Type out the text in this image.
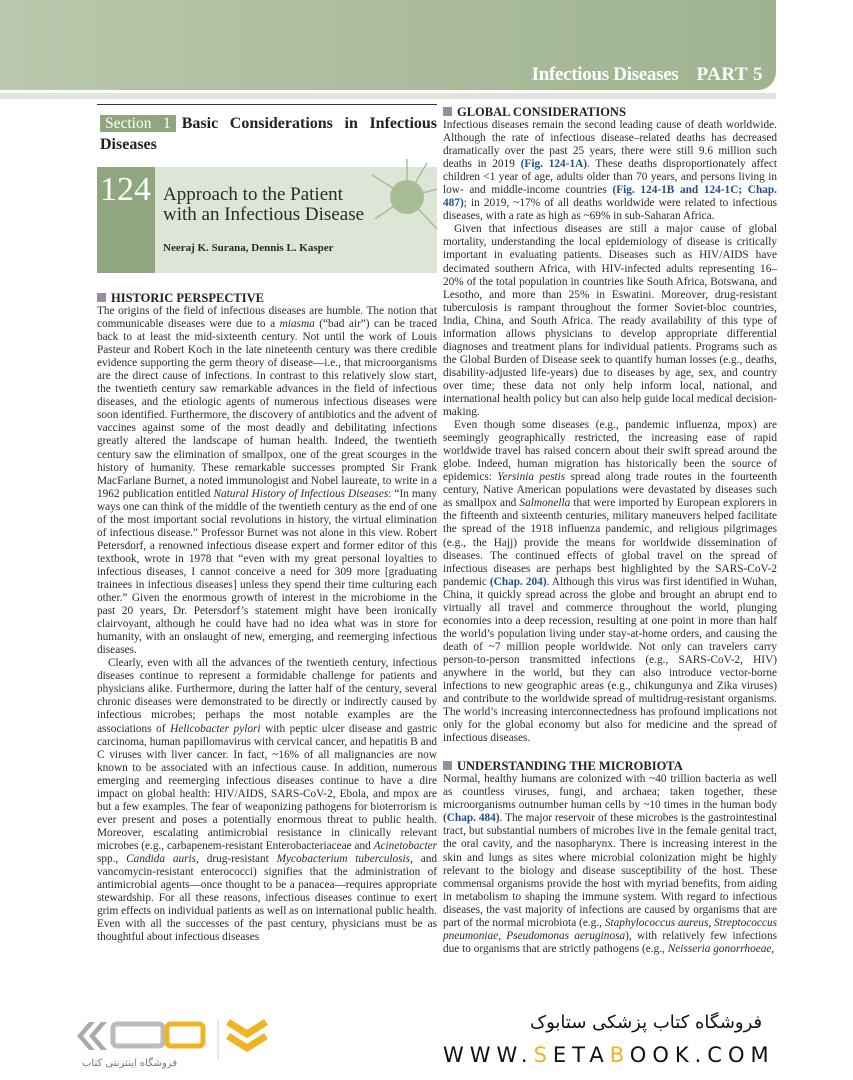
Infectious Diseases PART 5
Section 1 Basic Considerations in Infectious Diseases
124 Approach to the Patient
with an Infectious Disease
Neeraj K. Surana, Dennis L. Kasper
HISTORIC PERSPECTIVE

The origins of the field of infectious diseases are humble. The notion that communicable diseases were due to a miasma (“bad air”) can be traced back to at least the mid-sixteenth century. Not until the work of Louis Pasteur and Robert Koch in the late nineteenth century was there credible evidence supporting the germ theory of disease—i.e., that microorganisms are the direct cause of infections. In contrast to this relatively slow start, the twentieth century saw remarkable advances in the field of infectious diseases, and the etiologic agents of numerous infectious diseases were soon identified. Furthermore, the discovery of antibiotics and the advent of vaccines against some of the most deadly and debilitating infections greatly altered the landscape of human health. Indeed, the twentieth century saw the elimination of smallpox, one of the great scourges in the history of humanity. These remarkable successes prompted Sir Frank MacFarlane Burnet, a noted immunologist and Nobel laureate, to write in a 1962 publication entitled Natural History of Infectious Diseases: “In many ways one can think of the middle of the twentieth century as the end of one of the most important social revolutions in history, the virtual elimination of infectious disease.” Professor Burnet was not alone in this view. Robert Petersdorf, a renowned infectious disease expert and former editor of this textbook, wrote in 1978 that “even with my great personal loyalties to infectious diseases, I cannot conceive a need for 309 more [graduating trainees in infectious diseases] unless they spend their time culturing each other.” Given the enormous growth of interest in the microbiome in the past 20 years, Dr. Petersdorf’s statement might have been ironically clairvoyant, although he could have had no idea what was in store for humanity, with an onslaught of new, emerging, and reemerging infectious diseases.

Clearly, even with all the advances of the twentieth century, infectious diseases continue to represent a formidable challenge for patients and physicians alike. Furthermore, during the latter half of the century, several chronic diseases were demonstrated to be directly or indirectly caused by infectious microbes; perhaps the most notable examples are the associations of Helicobacter pylori with peptic ulcer disease and gastric carcinoma, human papillomavirus with cervical cancer, and hepatitis B and C viruses with liver cancer. In fact, ~16% of all malignancies are now known to be associated with an infectious cause. In addition, numerous emerging and reemerging infectious diseases continue to have a dire impact on global health: HIV/AIDS, SARS-CoV-2, Ebola, and mpox are but a few examples. The fear of weaponizing pathogens for bioterrorism is ever present and poses a potentially enormous threat to public health. Moreover, escalating antimicrobial resistance in clinically relevant microbes (e.g., carbapenem-resistant Enterobacteriaceae and Acinetobacter spp., Candida auris, drug-resistant Mycobacterium tuberculosis, and vancomycin-resistant enterococci) signifies that the administration of antimicrobial agents—once thought to be a panacea—requires appropriate stewardship. For all these reasons, infectious diseases continue to exert grim effects on individual patients as well as on international public health. Even with all the successes of the past century, physicians must be as thoughtful about infectious diseases

GLOBAL CONSIDERATIONS

Infectious diseases remain the second leading cause of death worldwide. Although the rate of infectious disease–related deaths has decreased dramatically over the past 25 years, there were still 9.6 million such deaths in 2019 (Fig. 124-1A). These deaths disproportionately affect children <1 year of age, adults older than 70 years, and persons living in low- and middle-income countries (Fig. 124-1B and 124-1C; Chap. 487); in 2019, ~17% of all deaths worldwide were related to infectious diseases, with a rate as high as ~69% in sub-Saharan Africa.

Given that infectious diseases are still a major cause of global mortality, understanding the local epidemiology of disease is critically important in evaluating patients. Diseases such as HIV/AIDS have decimated southern Africa, with HIV-infected adults representing 16–20% of the total population in countries like South Africa, Botswana, and Lesotho, and more than 25% in Eswatini. Moreover, drug-resistant tuberculosis is rampant throughout the former Soviet-bloc countries, India, China, and South Africa. The ready availability of this type of information allows physicians to develop appropriate differential diagnoses and treatment plans for individual patients. Programs such as the Global Burden of Disease seek to quantify human losses (e.g., deaths, disability-adjusted life-years) due to diseases by age, sex, and country over time; these data not only help inform local, national, and international health policy but can also help guide local medical decision-making.

Even though some diseases (e.g., pandemic influenza, mpox) are seemingly geographically restricted, the increasing ease of rapid worldwide travel has raised concern about their swift spread around the globe. Indeed, human migration has historically been the source of epidemics: Yersinia pestis spread along trade routes in the fourteenth century, Native American populations were devastated by diseases such as smallpox and Salmonella that were imported by European explorers in the fifteenth and sixteenth centuries, military maneuvers helped facilitate the spread of the 1918 influenza pandemic, and religious pilgrimages (e.g., the Hajj) provide the means for worldwide dissemination of diseases. The continued effects of global travel on the spread of infectious diseases are perhaps best highlighted by the SARS-CoV-2 pandemic (Chap. 204). Although this virus was first identified in Wuhan, China, it quickly spread across the globe and brought an abrupt end to virtually all travel and commerce throughout the world, plunging economies into a deep recession, resulting at one point in more than half the world’s population living under stay-at-home orders, and causing the death of ~7 million people worldwide. Not only can travelers carry person-to-person transmitted infections (e.g., SARS-CoV-2, HIV) anywhere in the world, but they can also introduce vector-borne infections to new geographic areas (e.g., chikungunya and Zika viruses) and contribute to the worldwide spread of multidrug-resistant organisms. The world’s increasing interconnectedness has profound implications not only for the global economy but also for medicine and the spread of infectious diseases.

UNDERSTANDING THE MICROBIOTA

Normal, healthy humans are colonized with ~40 trillion bacteria as well as countless viruses, fungi, and archaea; taken together, these microorganisms outnumber human cells by ~10 times in the human body (Chap. 484). The major reservoir of these microbes is the gastrointestinal tract, but substantial numbers of microbes live in the female genital tract, the oral cavity, and the nasopharynx. There is increasing interest in the skin and lungs as sites where microbial colonization might be highly relevant to the biology and disease susceptibility of the host. These commensal organisms provide the host with myriad benefits, from aiding in metabolism to shaping the immune system. With regard to infectious diseases, the vast majority of infections are caused by organisms that are part of the normal microbiota (e.g., Staphylococcus aureus, Streptococcus pneumoniae, Pseudomonas aeruginosa), with relatively few infections due to organisms that are strictly pathogens (e.g., Neisseria gonorrhoeae,

فروشگاه اینترنتی کتاب
فروشگاه کتاب پزشکی ستابوک
WWW.SETABOOK.COM
